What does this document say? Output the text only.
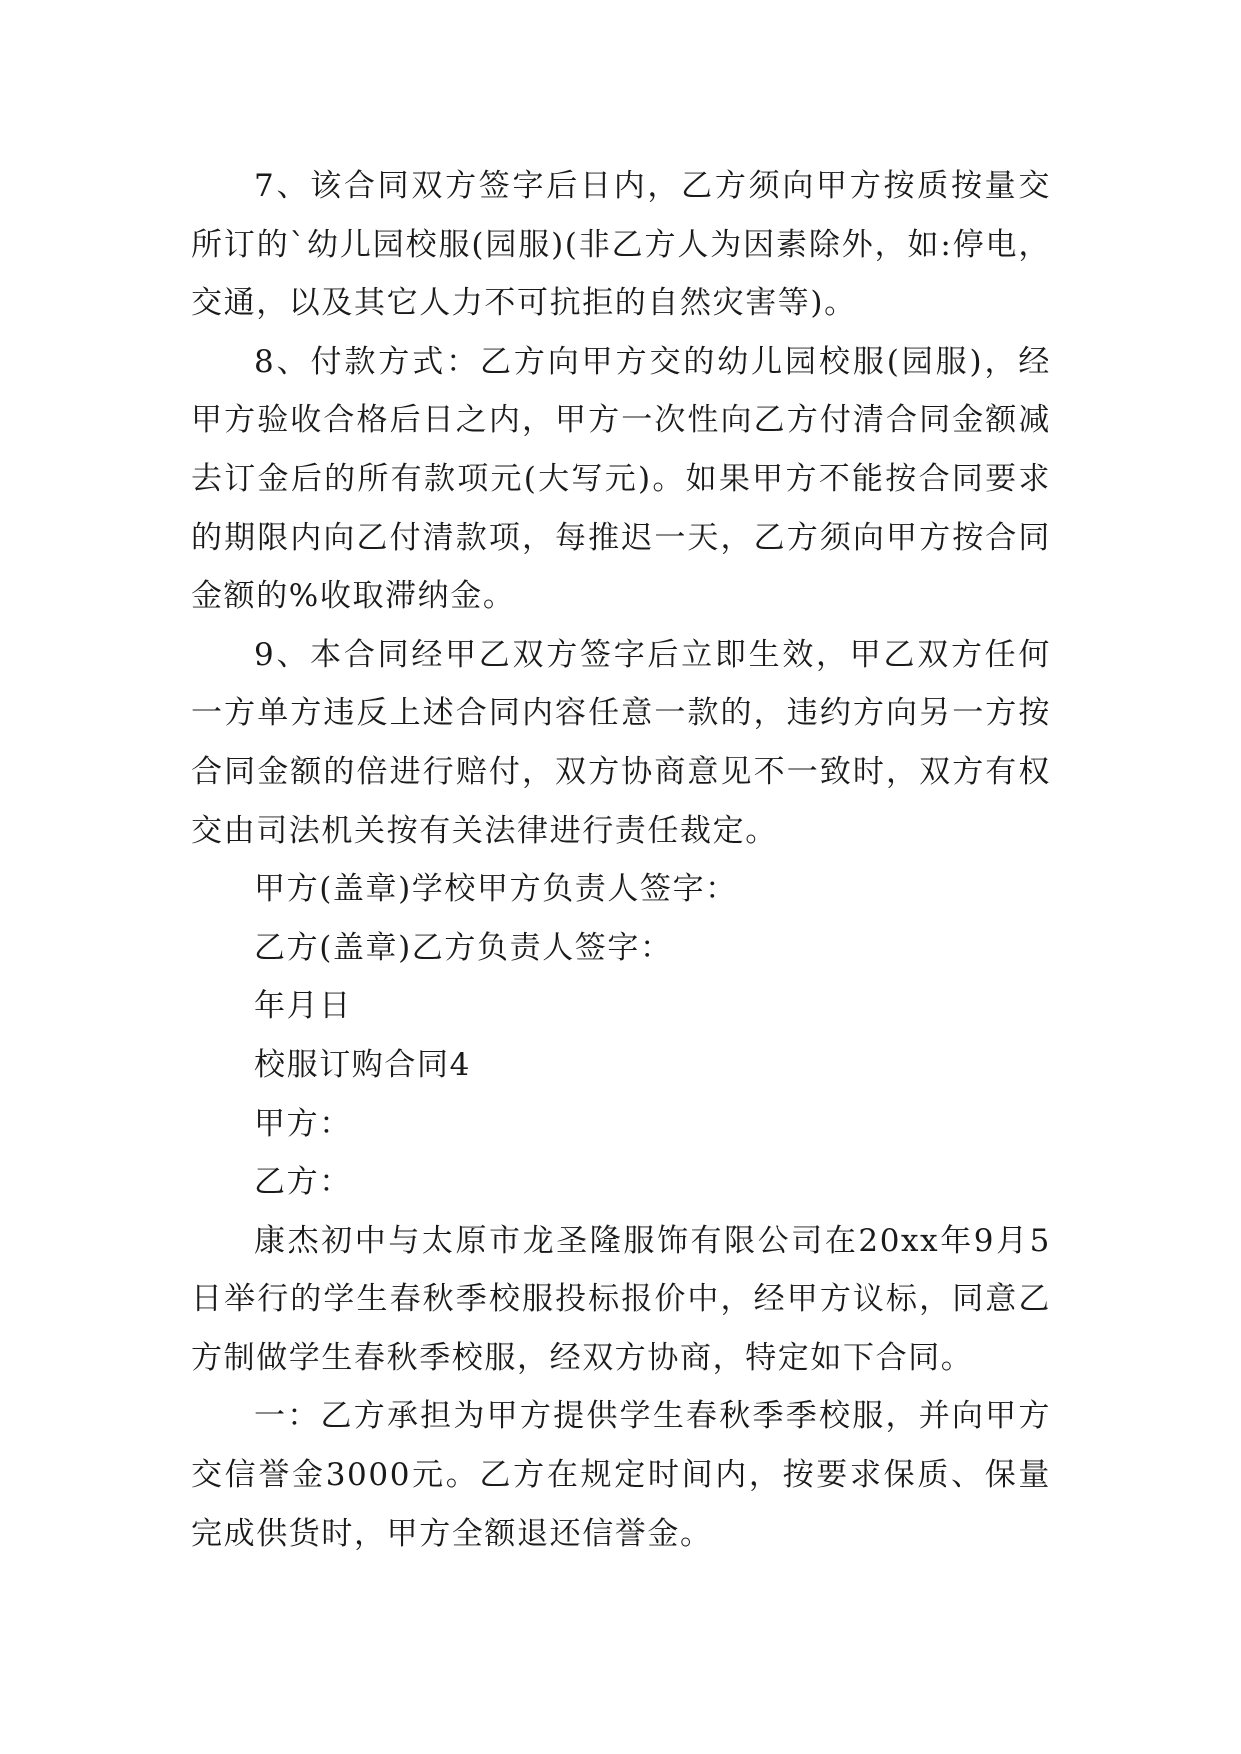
7、该合同双方签字后日内，乙方须向甲方按质按量交所订的`幼儿园校服(园服)(非乙方人为因素除外，如:停电，交通，以及其它人力不可抗拒的自然灾害等)。

8、付款方式：乙方向甲方交的幼儿园校服(园服)，经甲方验收合格后日之内，甲方一次性向乙方付清合同金额减去订金后的所有款项元(大写元)。如果甲方不能按合同要求的期限内向乙付清款项，每推迟一天，乙方须向甲方按合同金额的%收取滞纳金。

9、本合同经甲乙双方签字后立即生效，甲乙双方任何一方单方违反上述合同内容任意一款的，违约方向另一方按合同金额的倍进行赔付，双方协商意见不一致时，双方有权交由司法机关按有关法律进行责任裁定。

甲方(盖章)学校甲方负责人签字：

乙方(盖章)乙方负责人签字：

年月日

校服订购合同4

甲方：

乙方：

康杰初中与太原市龙圣隆服饰有限公司在20xx年9月5日举行的学生春秋季校服投标报价中，经甲方议标，同意乙方制做学生春秋季校服，经双方协商，特定如下合同。

一：乙方承担为甲方提供学生春秋季季校服，并向甲方交信誉金3000元。乙方在规定时间内，按要求保质、保量完成供货时，甲方全额退还信誉金。
